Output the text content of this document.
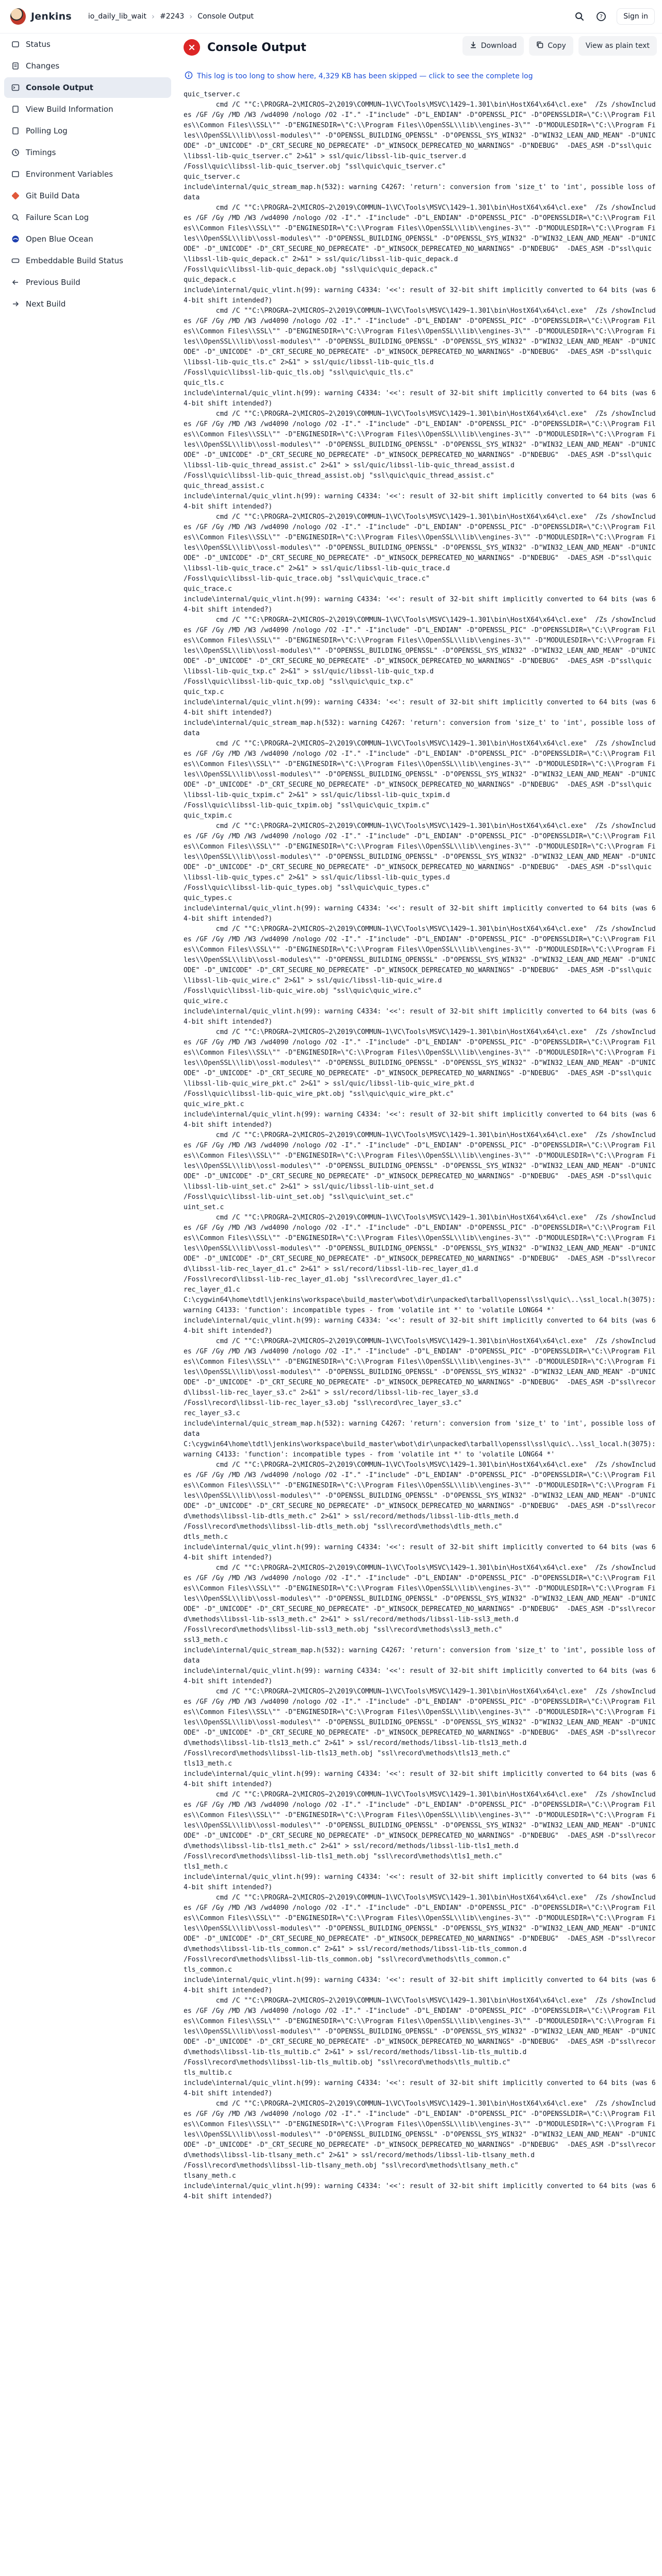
Jenkins	io_daily_lib_wait › #2243 › Console Output	?	Sign in
Status
Changes
Console Output
View Build Information
Polling Log
Timings
Environment Variables
Git Build Data
Failure Scan Log
Open Blue Ocean
Embeddable Build Status
Previous Build
Next Build
Console Output	Download	Copy	View as plain text
This log is too long to show here, 4,329 KB has been skipped — click to see the complete log
quic_tserver.c
cmd /C ""C:\PROGRA~2\MICROS~2\2019\COMMUN~1\VC\Tools\MSVC\1429~1.301\bin\HostX64\x64\cl.exe"  /Zs /showIncludes /GF /Gy /MD /W3 /wd4090 /nologo /O2 -I"." -I"include" -D"L_ENDIAN" -D"OPENSSL_PIC" -D"OPENSSLDIR=\"C:\\Program Files\\Common Files\\SSL\"" -D"ENGINESDIR=\"C:\\Program Files\\OpenSSL\\lib\\engines-3\"" -D"MODULESDIR=\"C:\\Program Files\\OpenSSL\\lib\\ossl-modules\"" -D"OPENSSL_BUILDING_OPENSSL" -D"OPENSSL_SYS_WIN32" -D"WIN32_LEAN_AND_MEAN" -D"UNICODE" -D"_UNICODE" -D"_CRT_SECURE_NO_DEPRECATE" -D"_WINSOCK_DEPRECATED_NO_WARNINGS" -D"NDEBUG"  -DAES_ASM -D"ssl\quic\libssl-lib-quic_tserver.c" 2>&1" > ssl/quic/libssl-lib-quic_tserver.d
/Fossl\quic\libssl-lib-quic_tserver.obj "ssl\quic\quic_tserver.c"
quic_tserver.c
include\internal/quic_stream_map.h(532): warning C4267: 'return': conversion from 'size_t' to 'int', possible loss of data
cmd /C ""C:\PROGRA~2\MICROS~2\2019\COMMUN~1\VC\Tools\MSVC\1429~1.301\bin\HostX64\x64\cl.exe"  /Zs /showIncludes /GF /Gy /MD /W3 /wd4090 /nologo /O2 -I"." -I"include" -D"L_ENDIAN" -D"OPENSSL_PIC" -D"OPENSSLDIR=\"C:\\Program Files\\Common Files\\SSL\"" -D"ENGINESDIR=\"C:\\Program Files\\OpenSSL\\lib\\engines-3\"" -D"MODULESDIR=\"C:\\Program Files\\OpenSSL\\lib\\ossl-modules\"" -D"OPENSSL_BUILDING_OPENSSL" -D"OPENSSL_SYS_WIN32" -D"WIN32_LEAN_AND_MEAN" -D"UNICODE" -D"_UNICODE" -D"_CRT_SECURE_NO_DEPRECATE" -D"_WINSOCK_DEPRECATED_NO_WARNINGS" -D"NDEBUG"  -DAES_ASM -D"ssl\quic\libssl-lib-quic_depack.c" 2>&1" > ssl/quic/libssl-lib-quic_depack.d
/Fossl\quic\libssl-lib-quic_depack.obj "ssl\quic\quic_depack.c"
quic_depack.c
include\internal/quic_vlint.h(99): warning C4334: '<<': result of 32-bit shift implicitly converted to 64 bits (was 64-bit shift intended?)
cmd /C ""C:\PROGRA~2\MICROS~2\2019\COMMUN~1\VC\Tools\MSVC\1429~1.301\bin\HostX64\x64\cl.exe"  /Zs /showIncludes /GF /Gy /MD /W3 /wd4090 /nologo /O2 -I"." -I"include" -D"L_ENDIAN" -D"OPENSSL_PIC" -D"OPENSSLDIR=\"C:\\Program Files\\Common Files\\SSL\"" -D"ENGINESDIR=\"C:\\Program Files\\OpenSSL\\lib\\engines-3\"" -D"MODULESDIR=\"C:\\Program Files\\OpenSSL\\lib\\ossl-modules\"" -D"OPENSSL_BUILDING_OPENSSL" -D"OPENSSL_SYS_WIN32" -D"WIN32_LEAN_AND_MEAN" -D"UNICODE" -D"_UNICODE" -D"_CRT_SECURE_NO_DEPRECATE" -D"_WINSOCK_DEPRECATED_NO_WARNINGS" -D"NDEBUG"  -DAES_ASM -D"ssl\quic\libssl-lib-quic_tls.c" 2>&1" > ssl/quic/libssl-lib-quic_tls.d
/Fossl\quic\libssl-lib-quic_tls.obj "ssl\quic\quic_tls.c"
quic_tls.c
include\internal/quic_vlint.h(99): warning C4334: '<<': result of 32-bit shift implicitly converted to 64 bits (was 64-bit shift intended?)
cmd /C ""C:\PROGRA~2\MICROS~2\2019\COMMUN~1\VC\Tools\MSVC\1429~1.301\bin\HostX64\x64\cl.exe"  /Zs /showIncludes /GF /Gy /MD /W3 /wd4090 /nologo /O2 -I"." -I"include" -D"L_ENDIAN" -D"OPENSSL_PIC" -D"OPENSSLDIR=\"C:\\Program Files\\Common Files\\SSL\"" -D"ENGINESDIR=\"C:\\Program Files\\OpenSSL\\lib\\engines-3\"" -D"MODULESDIR=\"C:\\Program Files\\OpenSSL\\lib\\ossl-modules\"" -D"OPENSSL_BUILDING_OPENSSL" -D"OPENSSL_SYS_WIN32" -D"WIN32_LEAN_AND_MEAN" -D"UNICODE" -D"_UNICODE" -D"_CRT_SECURE_NO_DEPRECATE" -D"_WINSOCK_DEPRECATED_NO_WARNINGS" -D"NDEBUG"  -DAES_ASM -D"ssl\quic\libssl-lib-quic_thread_assist.c" 2>&1" > ssl/quic/libssl-lib-quic_thread_assist.d
/Fossl\quic\libssl-lib-quic_thread_assist.obj "ssl\quic\quic_thread_assist.c"
quic_thread_assist.c
include\internal/quic_vlint.h(99): warning C4334: '<<': result of 32-bit shift implicitly converted to 64 bits (was 64-bit shift intended?)
cmd /C ""C:\PROGRA~2\MICROS~2\2019\COMMUN~1\VC\Tools\MSVC\1429~1.301\bin\HostX64\x64\cl.exe"  /Zs /showIncludes /GF /Gy /MD /W3 /wd4090 /nologo /O2 -I"." -I"include" -D"L_ENDIAN" -D"OPENSSL_PIC" -D"OPENSSLDIR=\"C:\\Program Files\\Common Files\\SSL\"" -D"ENGINESDIR=\"C:\\Program Files\\OpenSSL\\lib\\engines-3\"" -D"MODULESDIR=\"C:\\Program Files\\OpenSSL\\lib\\ossl-modules\"" -D"OPENSSL_BUILDING_OPENSSL" -D"OPENSSL_SYS_WIN32" -D"WIN32_LEAN_AND_MEAN" -D"UNICODE" -D"_UNICODE" -D"_CRT_SECURE_NO_DEPRECATE" -D"_WINSOCK_DEPRECATED_NO_WARNINGS" -D"NDEBUG"  -DAES_ASM -D"ssl\quic\libssl-lib-quic_trace.c" 2>&1" > ssl/quic/libssl-lib-quic_trace.d
/Fossl\quic\libssl-lib-quic_trace.obj "ssl\quic\quic_trace.c"
quic_trace.c
include\internal/quic_vlint.h(99): warning C4334: '<<': result of 32-bit shift implicitly converted to 64 bits (was 64-bit shift intended?)
cmd /C ""C:\PROGRA~2\MICROS~2\2019\COMMUN~1\VC\Tools\MSVC\1429~1.301\bin\HostX64\x64\cl.exe"  /Zs /showIncludes /GF /Gy /MD /W3 /wd4090 /nologo /O2 -I"." -I"include" -D"L_ENDIAN" -D"OPENSSL_PIC" -D"OPENSSLDIR=\"C:\\Program Files\\Common Files\\SSL\"" -D"ENGINESDIR=\"C:\\Program Files\\OpenSSL\\lib\\engines-3\"" -D"MODULESDIR=\"C:\\Program Files\\OpenSSL\\lib\\ossl-modules\"" -D"OPENSSL_BUILDING_OPENSSL" -D"OPENSSL_SYS_WIN32" -D"WIN32_LEAN_AND_MEAN" -D"UNICODE" -D"_UNICODE" -D"_CRT_SECURE_NO_DEPRECATE" -D"_WINSOCK_DEPRECATED_NO_WARNINGS" -D"NDEBUG"  -DAES_ASM -D"ssl\quic\libssl-lib-quic_txp.c" 2>&1" > ssl/quic/libssl-lib-quic_txp.d
/Fossl\quic\libssl-lib-quic_txp.obj "ssl\quic\quic_txp.c"
quic_txp.c
include\internal/quic_vlint.h(99): warning C4334: '<<': result of 32-bit shift implicitly converted to 64 bits (was 64-bit shift intended?)
include\internal/quic_stream_map.h(532): warning C4267: 'return': conversion from 'size_t' to 'int', possible loss of data
cmd /C ""C:\PROGRA~2\MICROS~2\2019\COMMUN~1\VC\Tools\MSVC\1429~1.301\bin\HostX64\x64\cl.exe"  /Zs /showIncludes /GF /Gy /MD /W3 /wd4090 /nologo /O2 -I"." -I"include" -D"L_ENDIAN" -D"OPENSSL_PIC" -D"OPENSSLDIR=\"C:\\Program Files\\Common Files\\SSL\"" -D"ENGINESDIR=\"C:\\Program Files\\OpenSSL\\lib\\engines-3\"" -D"MODULESDIR=\"C:\\Program Files\\OpenSSL\\lib\\ossl-modules\"" -D"OPENSSL_BUILDING_OPENSSL" -D"OPENSSL_SYS_WIN32" -D"WIN32_LEAN_AND_MEAN" -D"UNICODE" -D"_UNICODE" -D"_CRT_SECURE_NO_DEPRECATE" -D"_WINSOCK_DEPRECATED_NO_WARNINGS" -D"NDEBUG"  -DAES_ASM -D"ssl\quic\libssl-lib-quic_txpim.c" 2>&1" > ssl/quic/libssl-lib-quic_txpim.d
/Fossl\quic\libssl-lib-quic_txpim.obj "ssl\quic\quic_txpim.c"
quic_txpim.c
cmd /C ""C:\PROGRA~2\MICROS~2\2019\COMMUN~1\VC\Tools\MSVC\1429~1.301\bin\HostX64\x64\cl.exe"  /Zs /showIncludes /GF /Gy /MD /W3 /wd4090 /nologo /O2 -I"." -I"include" -D"L_ENDIAN" -D"OPENSSL_PIC" -D"OPENSSLDIR=\"C:\\Program Files\\Common Files\\SSL\"" -D"ENGINESDIR=\"C:\\Program Files\\OpenSSL\\lib\\engines-3\"" -D"MODULESDIR=\"C:\\Program Files\\OpenSSL\\lib\\ossl-modules\"" -D"OPENSSL_BUILDING_OPENSSL" -D"OPENSSL_SYS_WIN32" -D"WIN32_LEAN_AND_MEAN" -D"UNICODE" -D"_UNICODE" -D"_CRT_SECURE_NO_DEPRECATE" -D"_WINSOCK_DEPRECATED_NO_WARNINGS" -D"NDEBUG"  -DAES_ASM -D"ssl\quic\libssl-lib-quic_types.c" 2>&1" > ssl/quic/libssl-lib-quic_types.d
/Fossl\quic\libssl-lib-quic_types.obj "ssl\quic\quic_types.c"
quic_types.c
include\internal/quic_vlint.h(99): warning C4334: '<<': result of 32-bit shift implicitly converted to 64 bits (was 64-bit shift intended?)
cmd /C ""C:\PROGRA~2\MICROS~2\2019\COMMUN~1\VC\Tools\MSVC\1429~1.301\bin\HostX64\x64\cl.exe"  /Zs /showIncludes /GF /Gy /MD /W3 /wd4090 /nologo /O2 -I"." -I"include" -D"L_ENDIAN" -D"OPENSSL_PIC" -D"OPENSSLDIR=\"C:\\Program Files\\Common Files\\SSL\"" -D"ENGINESDIR=\"C:\\Program Files\\OpenSSL\\lib\\engines-3\"" -D"MODULESDIR=\"C:\\Program Files\\OpenSSL\\lib\\ossl-modules\"" -D"OPENSSL_BUILDING_OPENSSL" -D"OPENSSL_SYS_WIN32" -D"WIN32_LEAN_AND_MEAN" -D"UNICODE" -D"_UNICODE" -D"_CRT_SECURE_NO_DEPRECATE" -D"_WINSOCK_DEPRECATED_NO_WARNINGS" -D"NDEBUG"  -DAES_ASM -D"ssl\quic\libssl-lib-quic_wire.c" 2>&1" > ssl/quic/libssl-lib-quic_wire.d
/Fossl\quic\libssl-lib-quic_wire.obj "ssl\quic\quic_wire.c"
quic_wire.c
include\internal/quic_vlint.h(99): warning C4334: '<<': result of 32-bit shift implicitly converted to 64 bits (was 64-bit shift intended?)
cmd /C ""C:\PROGRA~2\MICROS~2\2019\COMMUN~1\VC\Tools\MSVC\1429~1.301\bin\HostX64\x64\cl.exe"  /Zs /showIncludes /GF /Gy /MD /W3 /wd4090 /nologo /O2 -I"." -I"include" -D"L_ENDIAN" -D"OPENSSL_PIC" -D"OPENSSLDIR=\"C:\\Program Files\\Common Files\\SSL\"" -D"ENGINESDIR=\"C:\\Program Files\\OpenSSL\\lib\\engines-3\"" -D"MODULESDIR=\"C:\\Program Files\\OpenSSL\\lib\\ossl-modules\"" -D"OPENSSL_BUILDING_OPENSSL" -D"OPENSSL_SYS_WIN32" -D"WIN32_LEAN_AND_MEAN" -D"UNICODE" -D"_UNICODE" -D"_CRT_SECURE_NO_DEPRECATE" -D"_WINSOCK_DEPRECATED_NO_WARNINGS" -D"NDEBUG"  -DAES_ASM -D"ssl\quic\libssl-lib-quic_wire_pkt.c" 2>&1" > ssl/quic/libssl-lib-quic_wire_pkt.d
/Fossl\quic\libssl-lib-quic_wire_pkt.obj "ssl\quic\quic_wire_pkt.c"
quic_wire_pkt.c
include\internal/quic_vlint.h(99): warning C4334: '<<': result of 32-bit shift implicitly converted to 64 bits (was 64-bit shift intended?)
cmd /C ""C:\PROGRA~2\MICROS~2\2019\COMMUN~1\VC\Tools\MSVC\1429~1.301\bin\HostX64\x64\cl.exe"  /Zs /showIncludes /GF /Gy /MD /W3 /wd4090 /nologo /O2 -I"." -I"include" -D"L_ENDIAN" -D"OPENSSL_PIC" -D"OPENSSLDIR=\"C:\\Program Files\\Common Files\\SSL\"" -D"ENGINESDIR=\"C:\\Program Files\\OpenSSL\\lib\\engines-3\"" -D"MODULESDIR=\"C:\\Program Files\\OpenSSL\\lib\\ossl-modules\"" -D"OPENSSL_BUILDING_OPENSSL" -D"OPENSSL_SYS_WIN32" -D"WIN32_LEAN_AND_MEAN" -D"UNICODE" -D"_UNICODE" -D"_CRT_SECURE_NO_DEPRECATE" -D"_WINSOCK_DEPRECATED_NO_WARNINGS" -D"NDEBUG"  -DAES_ASM -D"ssl\quic\libssl-lib-uint_set.c" 2>&1" > ssl/quic/libssl-lib-uint_set.d
/Fossl\quic\libssl-lib-uint_set.obj "ssl\quic\uint_set.c"
uint_set.c
cmd /C ""C:\PROGRA~2\MICROS~2\2019\COMMUN~1\VC\Tools\MSVC\1429~1.301\bin\HostX64\x64\cl.exe"  /Zs /showIncludes /GF /Gy /MD /W3 /wd4090 /nologo /O2 -I"." -I"include" -D"L_ENDIAN" -D"OPENSSL_PIC" -D"OPENSSLDIR=\"C:\\Program Files\\Common Files\\SSL\"" -D"ENGINESDIR=\"C:\\Program Files\\OpenSSL\\lib\\engines-3\"" -D"MODULESDIR=\"C:\\Program Files\\OpenSSL\\lib\\ossl-modules\"" -D"OPENSSL_BUILDING_OPENSSL" -D"OPENSSL_SYS_WIN32" -D"WIN32_LEAN_AND_MEAN" -D"UNICODE" -D"_UNICODE" -D"_CRT_SECURE_NO_DEPRECATE" -D"_WINSOCK_DEPRECATED_NO_WARNINGS" -D"NDEBUG"  -DAES_ASM -D"ssl\record\libssl-lib-rec_layer_d1.c" 2>&1" > ssl/record/libssl-lib-rec_layer_d1.d
/Fossl\record\libssl-lib-rec_layer_d1.obj "ssl\record\rec_layer_d1.c"
rec_layer_d1.c
C:\cygwin64\home\tdtl\jenkins\workspace\build_master\wbot\dir\unpacked\tarball\openssl\ssl\quic\..\ssl_local.h(3075): warning C4133: 'function': incompatible types - from 'volatile int *' to 'volatile LONG64 *'
include\internal/quic_vlint.h(99): warning C4334: '<<': result of 32-bit shift implicitly converted to 64 bits (was 64-bit shift intended?)
cmd /C ""C:\PROGRA~2\MICROS~2\2019\COMMUN~1\VC\Tools\MSVC\1429~1.301\bin\HostX64\x64\cl.exe"  /Zs /showIncludes /GF /Gy /MD /W3 /wd4090 /nologo /O2 -I"." -I"include" -D"L_ENDIAN" -D"OPENSSL_PIC" -D"OPENSSLDIR=\"C:\\Program Files\\Common Files\\SSL\"" -D"ENGINESDIR=\"C:\\Program Files\\OpenSSL\\lib\\engines-3\"" -D"MODULESDIR=\"C:\\Program Files\\OpenSSL\\lib\\ossl-modules\"" -D"OPENSSL_BUILDING_OPENSSL" -D"OPENSSL_SYS_WIN32" -D"WIN32_LEAN_AND_MEAN" -D"UNICODE" -D"_UNICODE" -D"_CRT_SECURE_NO_DEPRECATE" -D"_WINSOCK_DEPRECATED_NO_WARNINGS" -D"NDEBUG"  -DAES_ASM -D"ssl\record\libssl-lib-rec_layer_s3.c" 2>&1" > ssl/record/libssl-lib-rec_layer_s3.d
/Fossl\record\libssl-lib-rec_layer_s3.obj "ssl\record\rec_layer_s3.c"
rec_layer_s3.c
include\internal/quic_stream_map.h(532): warning C4267: 'return': conversion from 'size_t' to 'int', possible loss of data
C:\cygwin64\home\tdtl\jenkins\workspace\build_master\wbot\dir\unpacked\tarball\openssl\ssl\quic\..\ssl_local.h(3075): warning C4133: 'function': incompatible types - from 'volatile int *' to 'volatile LONG64 *'
cmd /C ""C:\PROGRA~2\MICROS~2\2019\COMMUN~1\VC\Tools\MSVC\1429~1.301\bin\HostX64\x64\cl.exe"  /Zs /showIncludes /GF /Gy /MD /W3 /wd4090 /nologo /O2 -I"." -I"include" -D"L_ENDIAN" -D"OPENSSL_PIC" -D"OPENSSLDIR=\"C:\\Program Files\\Common Files\\SSL\"" -D"ENGINESDIR=\"C:\\Program Files\\OpenSSL\\lib\\engines-3\"" -D"MODULESDIR=\"C:\\Program Files\\OpenSSL\\lib\\ossl-modules\"" -D"OPENSSL_BUILDING_OPENSSL" -D"OPENSSL_SYS_WIN32" -D"WIN32_LEAN_AND_MEAN" -D"UNICODE" -D"_UNICODE" -D"_CRT_SECURE_NO_DEPRECATE" -D"_WINSOCK_DEPRECATED_NO_WARNINGS" -D"NDEBUG"  -DAES_ASM -D"ssl\record\methods\libssl-lib-dtls_meth.c" 2>&1" > ssl/record/methods/libssl-lib-dtls_meth.d
/Fossl\record\methods\libssl-lib-dtls_meth.obj "ssl\record\methods\dtls_meth.c"
dtls_meth.c
include\internal/quic_vlint.h(99): warning C4334: '<<': result of 32-bit shift implicitly converted to 64 bits (was 64-bit shift intended?)
cmd /C ""C:\PROGRA~2\MICROS~2\2019\COMMUN~1\VC\Tools\MSVC\1429~1.301\bin\HostX64\x64\cl.exe"  /Zs /showIncludes /GF /Gy /MD /W3 /wd4090 /nologo /O2 -I"." -I"include" -D"L_ENDIAN" -D"OPENSSL_PIC" -D"OPENSSLDIR=\"C:\\Program Files\\Common Files\\SSL\"" -D"ENGINESDIR=\"C:\\Program Files\\OpenSSL\\lib\\engines-3\"" -D"MODULESDIR=\"C:\\Program Files\\OpenSSL\\lib\\ossl-modules\"" -D"OPENSSL_BUILDING_OPENSSL" -D"OPENSSL_SYS_WIN32" -D"WIN32_LEAN_AND_MEAN" -D"UNICODE" -D"_UNICODE" -D"_CRT_SECURE_NO_DEPRECATE" -D"_WINSOCK_DEPRECATED_NO_WARNINGS" -D"NDEBUG"  -DAES_ASM -D"ssl\record\methods\libssl-lib-ssl3_meth.c" 2>&1" > ssl/record/methods/libssl-lib-ssl3_meth.d
/Fossl\record\methods\libssl-lib-ssl3_meth.obj "ssl\record\methods\ssl3_meth.c"
ssl3_meth.c
include\internal/quic_stream_map.h(532): warning C4267: 'return': conversion from 'size_t' to 'int', possible loss of data
include\internal/quic_vlint.h(99): warning C4334: '<<': result of 32-bit shift implicitly converted to 64 bits (was 64-bit shift intended?)
cmd /C ""C:\PROGRA~2\MICROS~2\2019\COMMUN~1\VC\Tools\MSVC\1429~1.301\bin\HostX64\x64\cl.exe"  /Zs /showIncludes /GF /Gy /MD /W3 /wd4090 /nologo /O2 -I"." -I"include" -D"L_ENDIAN" -D"OPENSSL_PIC" -D"OPENSSLDIR=\"C:\\Program Files\\Common Files\\SSL\"" -D"ENGINESDIR=\"C:\\Program Files\\OpenSSL\\lib\\engines-3\"" -D"MODULESDIR=\"C:\\Program Files\\OpenSSL\\lib\\ossl-modules\"" -D"OPENSSL_BUILDING_OPENSSL" -D"OPENSSL_SYS_WIN32" -D"WIN32_LEAN_AND_MEAN" -D"UNICODE" -D"_UNICODE" -D"_CRT_SECURE_NO_DEPRECATE" -D"_WINSOCK_DEPRECATED_NO_WARNINGS" -D"NDEBUG"  -DAES_ASM -D"ssl\record\methods\libssl-lib-tls13_meth.c" 2>&1" > ssl/record/methods/libssl-lib-tls13_meth.d
/Fossl\record\methods\libssl-lib-tls13_meth.obj "ssl\record\methods\tls13_meth.c"
tls13_meth.c
include\internal/quic_vlint.h(99): warning C4334: '<<': result of 32-bit shift implicitly converted to 64 bits (was 64-bit shift intended?)
cmd /C ""C:\PROGRA~2\MICROS~2\2019\COMMUN~1\VC\Tools\MSVC\1429~1.301\bin\HostX64\x64\cl.exe"  /Zs /showIncludes /GF /Gy /MD /W3 /wd4090 /nologo /O2 -I"." -I"include" -D"L_ENDIAN" -D"OPENSSL_PIC" -D"OPENSSLDIR=\"C:\\Program Files\\Common Files\\SSL\"" -D"ENGINESDIR=\"C:\\Program Files\\OpenSSL\\lib\\engines-3\"" -D"MODULESDIR=\"C:\\Program Files\\OpenSSL\\lib\\ossl-modules\"" -D"OPENSSL_BUILDING_OPENSSL" -D"OPENSSL_SYS_WIN32" -D"WIN32_LEAN_AND_MEAN" -D"UNICODE" -D"_UNICODE" -D"_CRT_SECURE_NO_DEPRECATE" -D"_WINSOCK_DEPRECATED_NO_WARNINGS" -D"NDEBUG"  -DAES_ASM -D"ssl\record\methods\libssl-lib-tls1_meth.c" 2>&1" > ssl/record/methods/libssl-lib-tls1_meth.d
/Fossl\record\methods\libssl-lib-tls1_meth.obj "ssl\record\methods\tls1_meth.c"
tls1_meth.c
include\internal/quic_vlint.h(99): warning C4334: '<<': result of 32-bit shift implicitly converted to 64 bits (was 64-bit shift intended?)
cmd /C ""C:\PROGRA~2\MICROS~2\2019\COMMUN~1\VC\Tools\MSVC\1429~1.301\bin\HostX64\x64\cl.exe"  /Zs /showIncludes /GF /Gy /MD /W3 /wd4090 /nologo /O2 -I"." -I"include" -D"L_ENDIAN" -D"OPENSSL_PIC" -D"OPENSSLDIR=\"C:\\Program Files\\Common Files\\SSL\"" -D"ENGINESDIR=\"C:\\Program Files\\OpenSSL\\lib\\engines-3\"" -D"MODULESDIR=\"C:\\Program Files\\OpenSSL\\lib\\ossl-modules\"" -D"OPENSSL_BUILDING_OPENSSL" -D"OPENSSL_SYS_WIN32" -D"WIN32_LEAN_AND_MEAN" -D"UNICODE" -D"_UNICODE" -D"_CRT_SECURE_NO_DEPRECATE" -D"_WINSOCK_DEPRECATED_NO_WARNINGS" -D"NDEBUG"  -DAES_ASM -D"ssl\record\methods\libssl-lib-tls_common.c" 2>&1" > ssl/record/methods/libssl-lib-tls_common.d
/Fossl\record\methods\libssl-lib-tls_common.obj "ssl\record\methods\tls_common.c"
tls_common.c
include\internal/quic_vlint.h(99): warning C4334: '<<': result of 32-bit shift implicitly converted to 64 bits (was 64-bit shift intended?)
cmd /C ""C:\PROGRA~2\MICROS~2\2019\COMMUN~1\VC\Tools\MSVC\1429~1.301\bin\HostX64\x64\cl.exe"  /Zs /showIncludes /GF /Gy /MD /W3 /wd4090 /nologo /O2 -I"." -I"include" -D"L_ENDIAN" -D"OPENSSL_PIC" -D"OPENSSLDIR=\"C:\\Program Files\\Common Files\\SSL\"" -D"ENGINESDIR=\"C:\\Program Files\\OpenSSL\\lib\\engines-3\"" -D"MODULESDIR=\"C:\\Program Files\\OpenSSL\\lib\\ossl-modules\"" -D"OPENSSL_BUILDING_OPENSSL" -D"OPENSSL_SYS_WIN32" -D"WIN32_LEAN_AND_MEAN" -D"UNICODE" -D"_UNICODE" -D"_CRT_SECURE_NO_DEPRECATE" -D"_WINSOCK_DEPRECATED_NO_WARNINGS" -D"NDEBUG"  -DAES_ASM -D"ssl\record\methods\libssl-lib-tls_multib.c" 2>&1" > ssl/record/methods/libssl-lib-tls_multib.d
/Fossl\record\methods\libssl-lib-tls_multib.obj "ssl\record\methods\tls_multib.c"
tls_multib.c
include\internal/quic_vlint.h(99): warning C4334: '<<': result of 32-bit shift implicitly converted to 64 bits (was 64-bit shift intended?)
cmd /C ""C:\PROGRA~2\MICROS~2\2019\COMMUN~1\VC\Tools\MSVC\1429~1.301\bin\HostX64\x64\cl.exe"  /Zs /showIncludes /GF /Gy /MD /W3 /wd4090 /nologo /O2 -I"." -I"include" -D"L_ENDIAN" -D"OPENSSL_PIC" -D"OPENSSLDIR=\"C:\\Program Files\\Common Files\\SSL\"" -D"ENGINESDIR=\"C:\\Program Files\\OpenSSL\\lib\\engines-3\"" -D"MODULESDIR=\"C:\\Program Files\\OpenSSL\\lib\\ossl-modules\"" -D"OPENSSL_BUILDING_OPENSSL" -D"OPENSSL_SYS_WIN32" -D"WIN32_LEAN_AND_MEAN" -D"UNICODE" -D"_UNICODE" -D"_CRT_SECURE_NO_DEPRECATE" -D"_WINSOCK_DEPRECATED_NO_WARNINGS" -D"NDEBUG"  -DAES_ASM -D"ssl\record\methods\libssl-lib-tlsany_meth.c" 2>&1" > ssl/record/methods/libssl-lib-tlsany_meth.d
/Fossl\record\methods\libssl-lib-tlsany_meth.obj "ssl\record\methods\tlsany_meth.c"
tlsany_meth.c
include\internal/quic_vlint.h(99): warning C4334: '<<': result of 32-bit shift implicitly converted to 64 bits (was 64-bit shift intended?)
